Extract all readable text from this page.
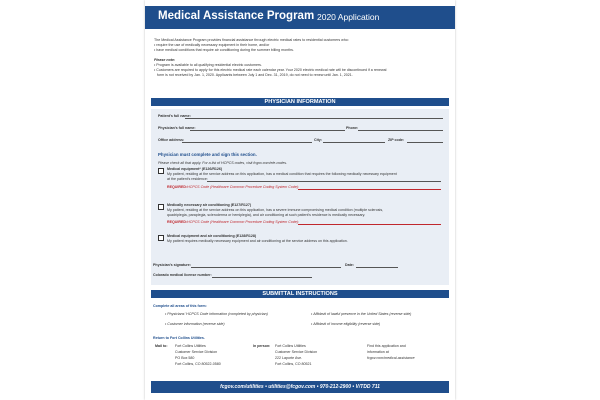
Medical Assistance Program 2020 Application
The Medical Assistance Program provides financial assistance through electric medical rates to residential customers who:
• require the use of medically necessary equipment in their home, and/or
• have medical conditions that require air conditioning during the summer billing months.
Please note:
• Program is available to all qualifying residential electric customers.
• Customers are required to apply for this electric medical rate each calendar year. Your 2020 electric medical rate will be discontinued if a renewal
form is not received by Jan. 1, 2020. Applicants between July 1 and Dec. 31, 2019, do not need to renew until Jan. 1, 2021.
PHYSICIAN INFORMATION
Patient's full name:
Physician's full name:	Phone:
Office address:	City:	ZIP code:
Physician must complete and sign this section.
Please check all that apply. For a list of HCPCS codes, visit fcgov.com/ele-codes.
Medical equipment* (E126/R126)
My patient, residing at the service address on this application, has a medical condition that requires the following medically necessary equipment
at the patient's residence:
REQUIRED: HCPCS Code (Healthcare Common Procedure Coding System Code):
Medically necessary air conditioning (E127/R127)
My patient, residing at the service address on this application, has a severe immune compromising medical condition (multiple sclerosis,
quadriplegia, paraplegia, scleroderma or hemiplegia), and air conditioning at such patient's residence is medically necessary.
REQUIRED: HCPCS Code (Healthcare Common Procedure Coding System Code):
Medical equipment and air conditioning (E128/R128)
My patient requires medically necessary equipment and air conditioning at the service address on this application.
Physician's signature:	Date:
Colorado medical license number:
SUBMITTAL INSTRUCTIONS
Complete all areas of this form:
• Physicians' HCPCS Code information (completed by physician)
• Customer information (reverse side)
• Affidavit of lawful presence in the United States (reverse side)
• Affidavit of income eligibility (reverse side)
Return to Fort Collins Utilities.
Mail to: Fort Collins Utilities
Customer Service Division
PO Box 580
Fort Collins, CO 80522-0580
In person: Fort Collins Utilities
Customer Service Division
222 Laporte Ave.
Fort Collins, CO 80521
Find this application and
information at
fcgov.com/medical-assistance
fcgov.com/utilities • utilities@fcgov.com • 970-212-2900 • V/TDD 711
